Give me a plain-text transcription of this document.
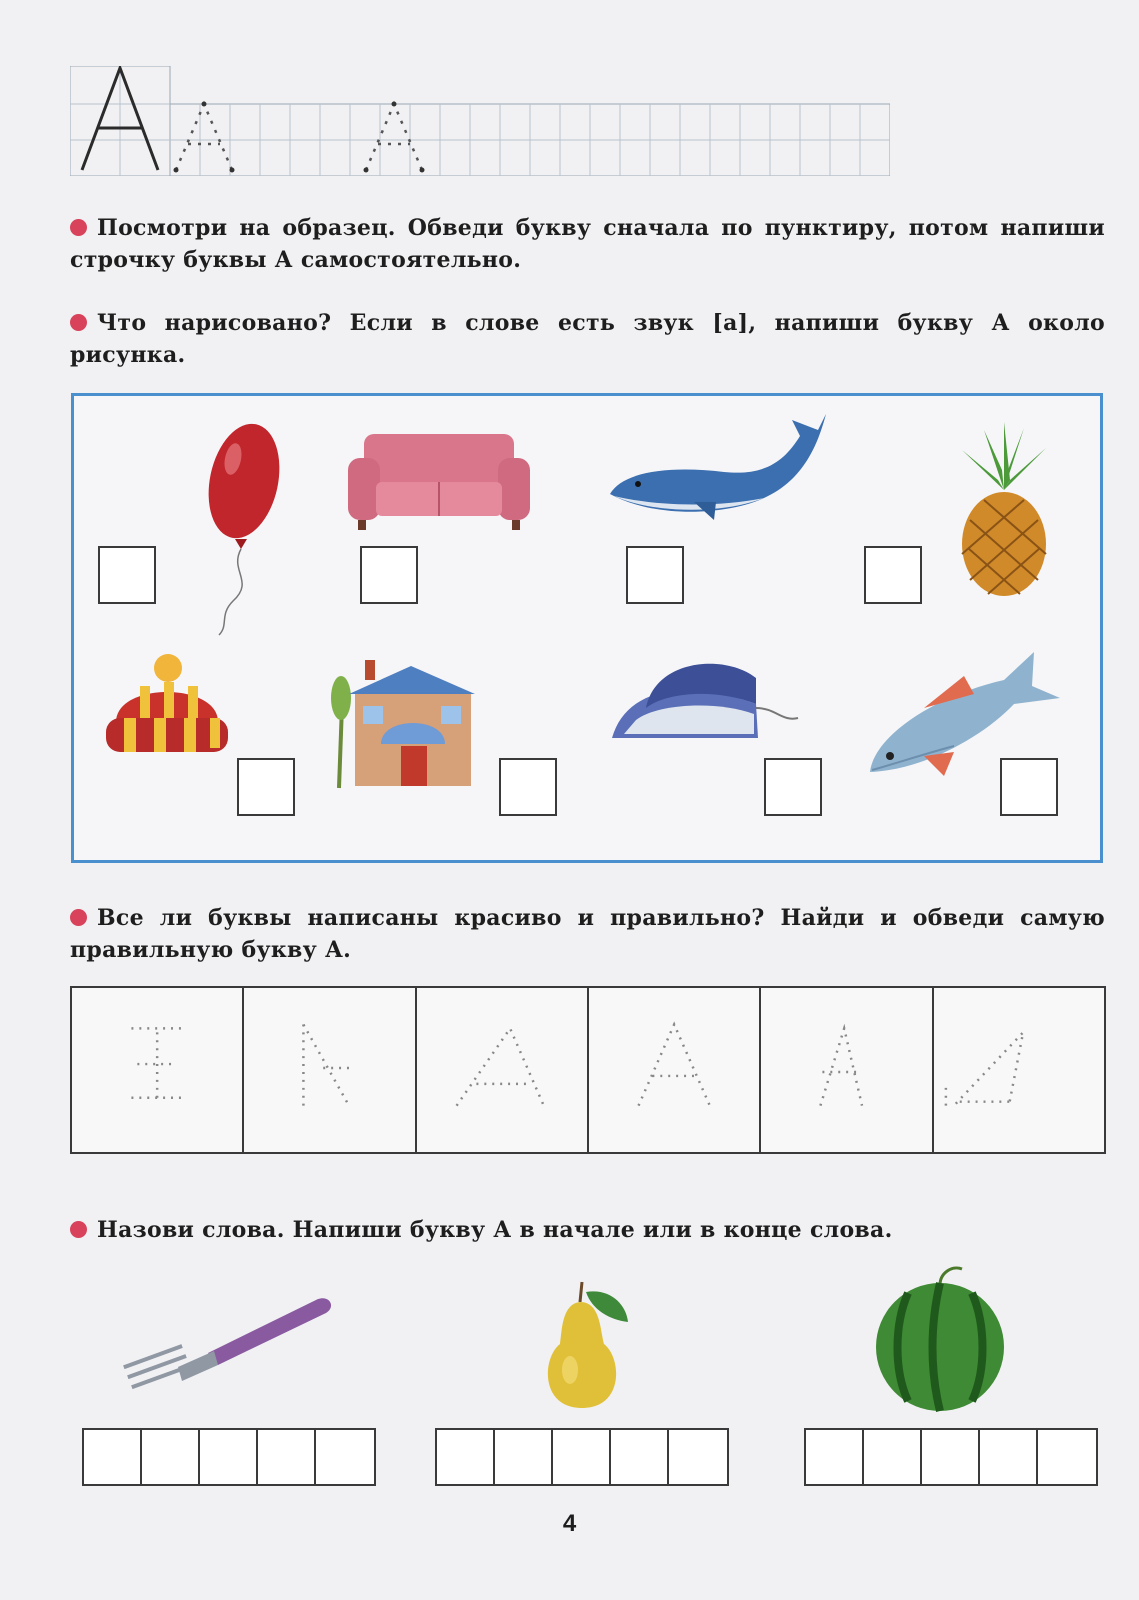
Посмотри на образец. Обведи букву сначала по пунктиру, потом напиши строчку буквы А самостоятельно.
Что нарисовано? Если в слове есть звук [а], напиши букву А около рисунка.
Все ли буквы написаны красиво и правильно? Найди и обведи самую правильную букву А.
Назови слова. Напиши букву А в начале или в конце слова.
4
